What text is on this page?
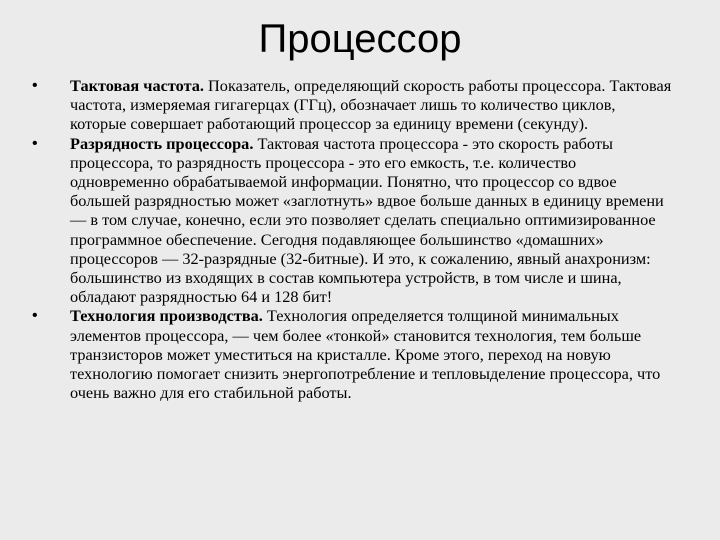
Процессор
•	Тактовая частота. Показатель, определяющий скорость работы процессора. Тактовая частота, измеряемая гигагерцах (ГГц), обозначает лишь то количество циклов, которые совершает работающий процессор за единицу времени (секунду).
•	Разрядность процессора. Тактовая частота процессора - это скорость работы процессора, то разрядность процессора - это его емкость, т.е. количество одновременно обрабатываемой информации. Понятно, что процессор со вдвое большей разрядностью может «заглотнуть» вдвое больше данных в единицу времени — в том случае, конечно, если это позволяет сделать специально оптимизированное программное обеспечение. Сегодня подавляющее большинство «домашних» процессоров — 32-разрядные (32-битные). И это, к сожалению, явный анахронизм: большинство из входящих в состав компьютера устройств, в том числе и шина, обладают разрядностью 64 и 128 бит!
•	Технология производства. Технология определяется толщиной минимальных элементов процессора, — чем более «тонкой» становится технология, тем больше транзисторов может уместиться на кристалле. Кроме этого, переход на новую технологию помогает снизить энергопотребление и тепловыделение процессора, что очень важно для его стабильной работы.
